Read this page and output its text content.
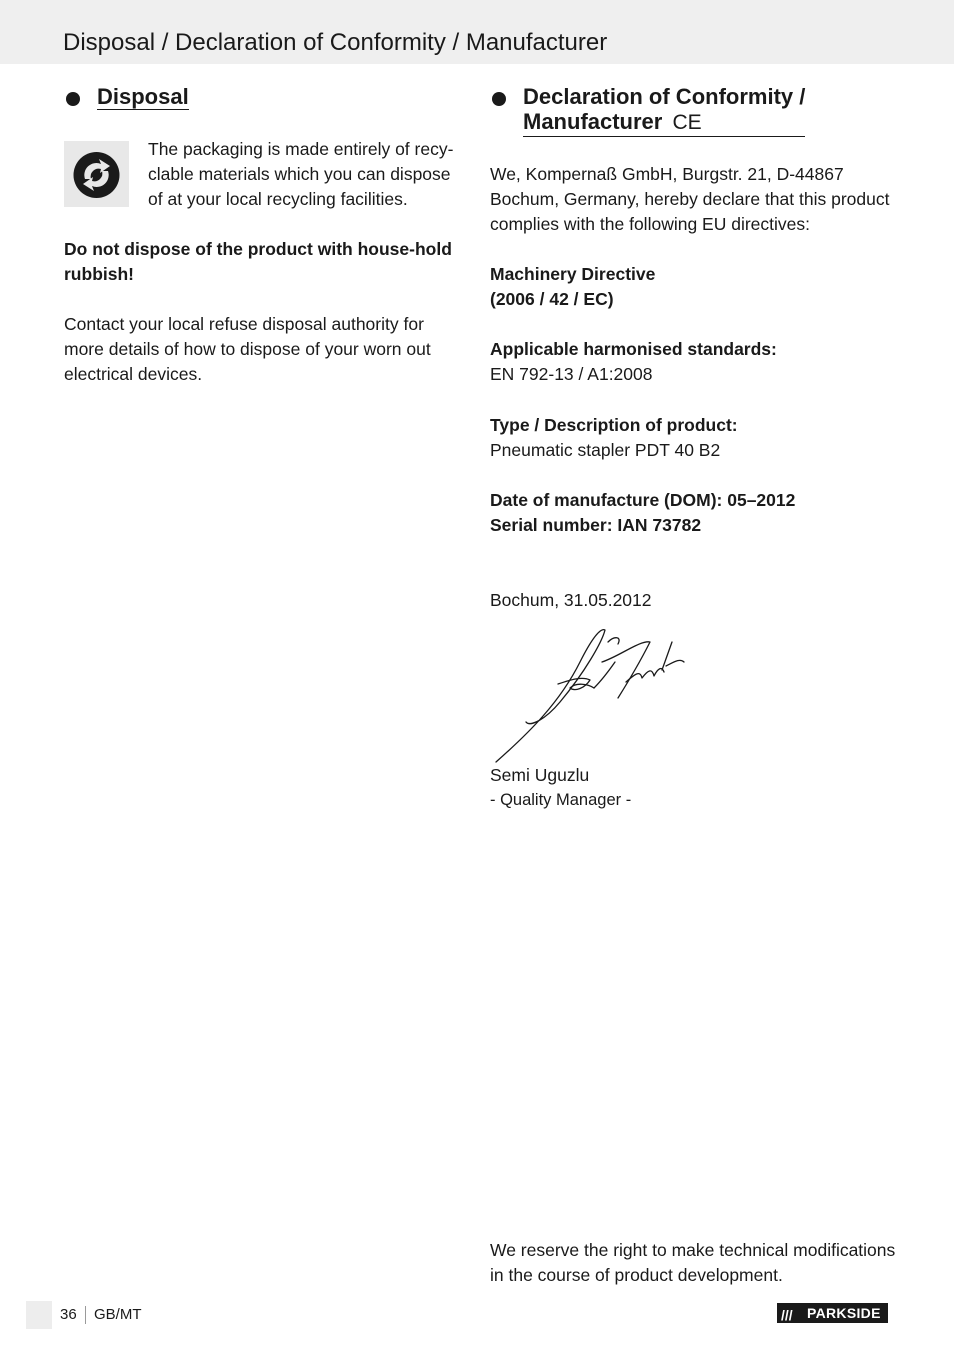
Disposal / Declaration of Conformity / Manufacturer
Disposal

The packaging is made entirely of recy-clable materials which you can dispose of at your local recycling facilities.

Do not dispose of the product with house-hold rubbish!

Contact your local refuse disposal authority for more details of how to dispose of your worn out electrical devices.

Declaration of Conformity /
Manufacturer CE

We, Kompernaß GmbH, Burgstr. 21, D-44867 Bochum, Germany, hereby declare that this product complies with the following EU directives:

Machinery Directive

(2006 / 42 / EC)

Applicable harmonised standards:

EN 792-13 / A1:2008

Type / Description of product:

Pneumatic stapler PDT 40 B2

Date of manufacture (DOM): 05–2012

Serial number: IAN 73782

Bochum, 31.05.2012

Semi Uguzlu

- Quality Manager -

We reserve the right to make technical modifications in the course of product development.

36 GB/MT	/// PARKSIDE
